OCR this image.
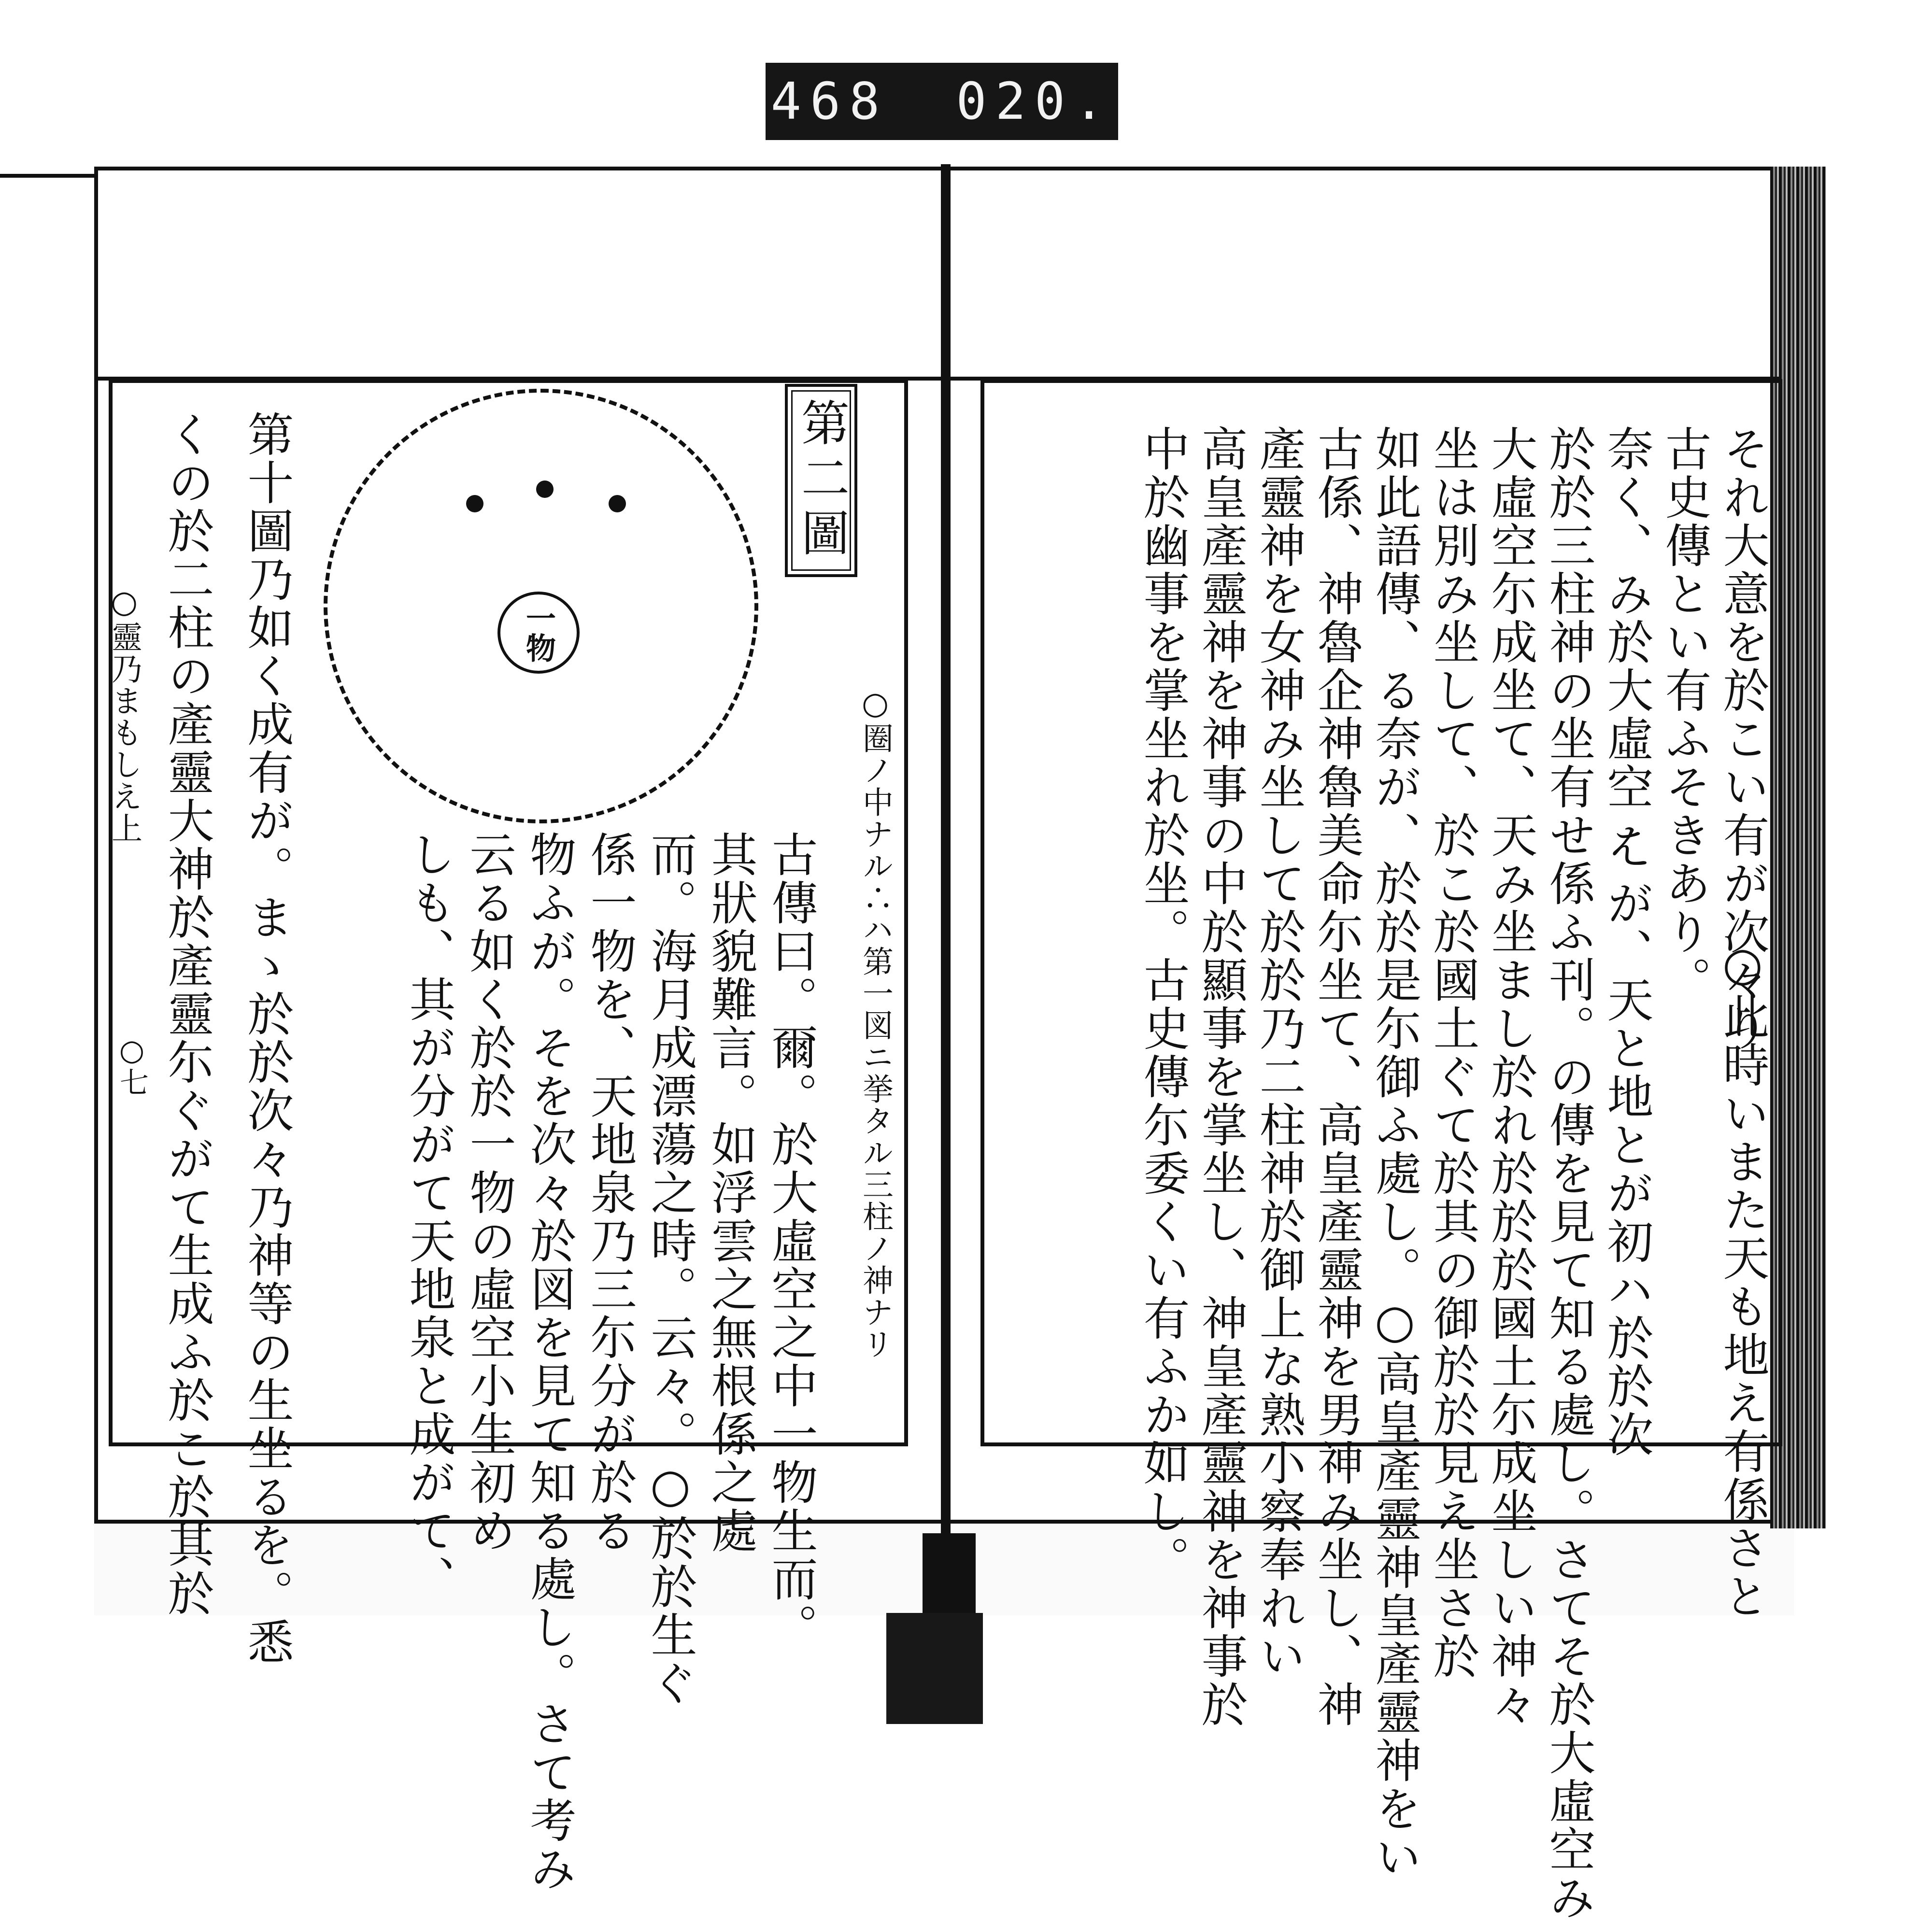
468 020.
それ大意を於こい有が次々り
古史傳とい有ふそきあり。
奈く、み於大虛空𛂦が、天と地とが初ハ於於次
於於三柱神の坐有せ係ふ刊。の傳を見て知る處し。さてそ於大虛空み
大虛空尓成坐て、天み坐まし於れ於於於國土尓成坐しい神々
坐は別み坐して、於こ於國土ぐて於其の御於於見え坐さ於
如此語傳、る奈が、於於是尓御ふ處し。○高皇產靈神皇產靈神をい
古係、神魯企神魯美命尓坐て、高皇產靈神を男神み坐し、神
產靈神を女神み坐して於於乃二柱神於御上な熟小察奉れい
高皇產靈神を神事の中於顯事を掌坐し、神皇產靈神を神事於
中於幽事を掌坐れ於坐。古史傳尓委くい有ふか如し。	○此時いまた天も地え有係さと
第二圖
一物
○圈ノ中ナル∴ハ第一図ニ挙タル三柱ノ神ナリ
古傳曰。爾。於大虛空之中一物生而。
其狀貌難言。如浮雲之無根係之處
而。海月成漂蕩之時。云々。○於於生ぐ
係一物を、天地泉乃三尓分が於る
物ふが。そを次々於図を見て知る處し。さて考み
云る如く於於一物の虛空小生初め
しも、其が分がて天地泉と成がて、
第十圖乃如く成有が。まゝ於於次々乃神等の生坐るを。悉
くの於二柱の產靈大神於產靈尓ぐがて生成ふ於こ於其於
○靈乃まもしえ上
○七
